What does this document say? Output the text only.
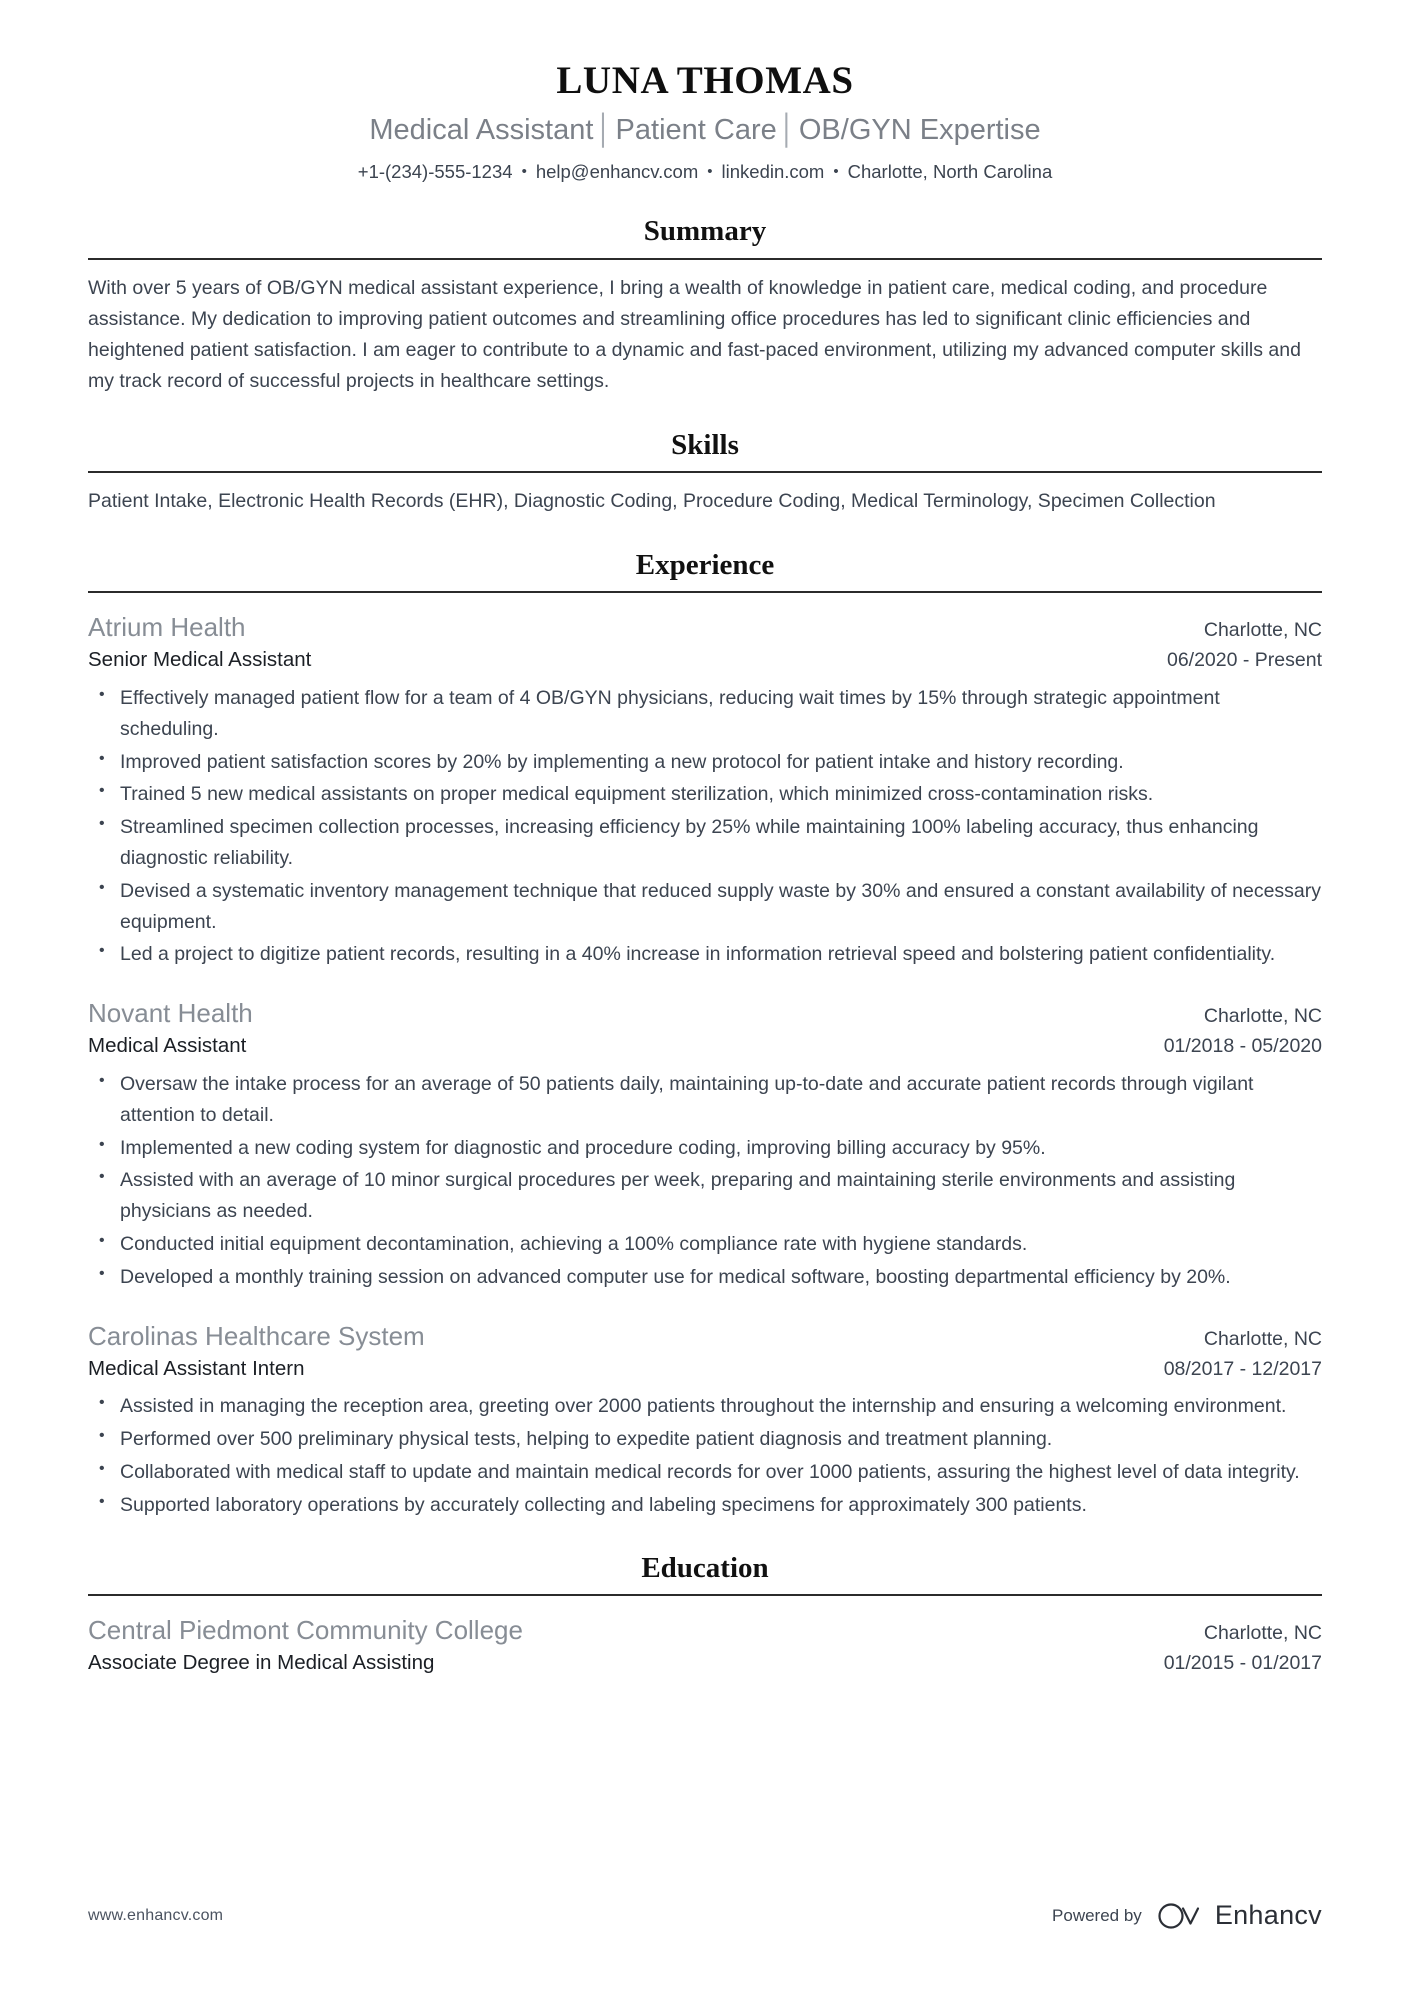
LUNA THOMAS
Medical Assistant│Patient Care│OB/GYN Expertise
+1-(234)-555-1234 • help@enhancv.com • linkedin.com • Charlotte, North Carolina
Summary

With over 5 years of OB/GYN medical assistant experience, I bring a wealth of knowledge in patient care, medical coding, and procedure assistance. My dedication to improving patient outcomes and streamlining office procedures has led to significant clinic efficiencies and heightened patient satisfaction. I am eager to contribute to a dynamic and fast-paced environment, utilizing my advanced computer skills and my track record of successful projects in healthcare settings.

Skills

Patient Intake, Electronic Health Records (EHR), Diagnostic Coding, Procedure Coding, Medical Terminology, Specimen Collection

Experience
Atrium Health	Charlotte, NC
Senior Medical Assistant	06/2020 - Present
• Effectively managed patient flow for a team of 4 OB/GYN physicians, reducing wait times by 15% through strategic appointment scheduling.
• Improved patient satisfaction scores by 20% by implementing a new protocol for patient intake and history recording.
• Trained 5 new medical assistants on proper medical equipment sterilization, which minimized cross-contamination risks.
• Streamlined specimen collection processes, increasing efficiency by 25% while maintaining 100% labeling accuracy, thus enhancing diagnostic reliability.
• Devised a systematic inventory management technique that reduced supply waste by 30% and ensured a constant availability of necessary equipment.
• Led a project to digitize patient records, resulting in a 40% increase in information retrieval speed and bolstering patient confidentiality.
Novant Health	Charlotte, NC
Medical Assistant	01/2018 - 05/2020
• Oversaw the intake process for an average of 50 patients daily, maintaining up-to-date and accurate patient records through vigilant attention to detail.
• Implemented a new coding system for diagnostic and procedure coding, improving billing accuracy by 95%.
• Assisted with an average of 10 minor surgical procedures per week, preparing and maintaining sterile environments and assisting physicians as needed.
• Conducted initial equipment decontamination, achieving a 100% compliance rate with hygiene standards.
• Developed a monthly training session on advanced computer use for medical software, boosting departmental efficiency by 20%.
Carolinas Healthcare System	Charlotte, NC
Medical Assistant Intern	08/2017 - 12/2017
• Assisted in managing the reception area, greeting over 2000 patients throughout the internship and ensuring a welcoming environment.
• Performed over 500 preliminary physical tests, helping to expedite patient diagnosis and treatment planning.
• Collaborated with medical staff to update and maintain medical records for over 1000 patients, assuring the highest level of data integrity.
• Supported laboratory operations by accurately collecting and labeling specimens for approximately 300 patients.
Education
Central Piedmont Community College	Charlotte, NC
Associate Degree in Medical Assisting	01/2015 - 01/2017
www.enhancv.com	Powered by	Enhancv
